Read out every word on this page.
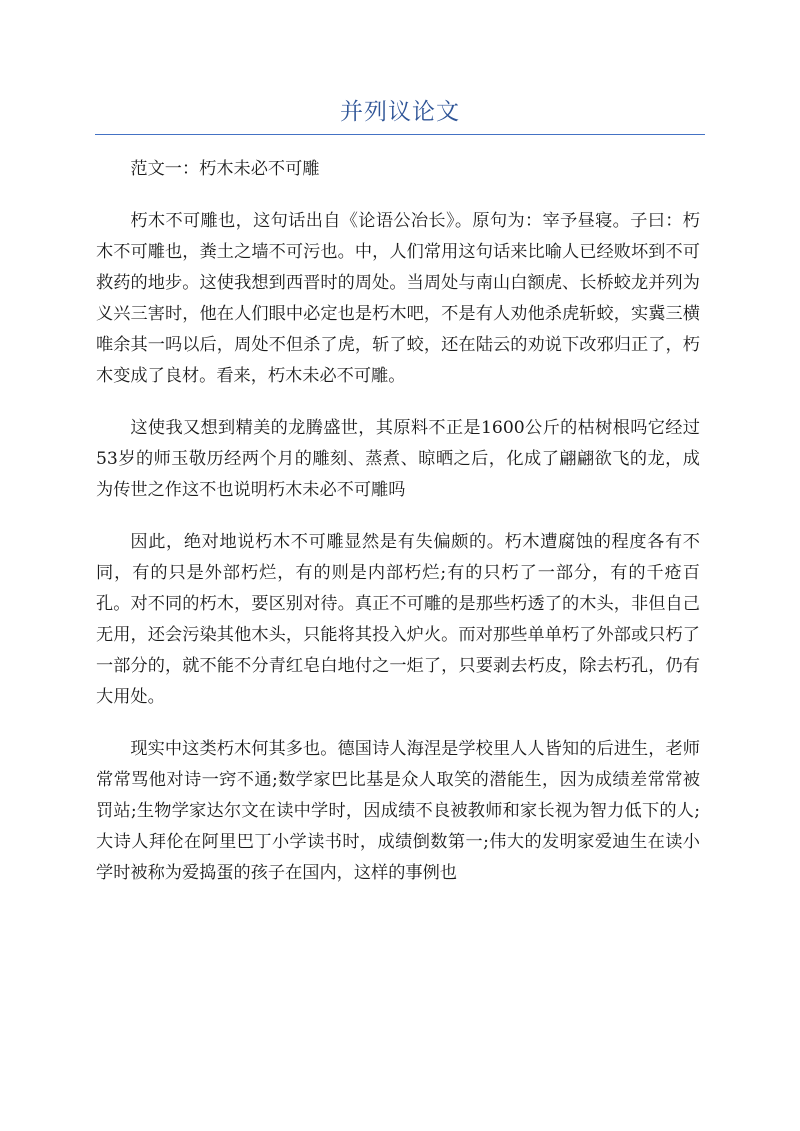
并列议论文

范文一：朽木未必不可雕

朽木不可雕也，这句话出自《论语公冶长》。原句为：宰予昼寝。子曰：朽木不可雕也，粪土之墙不可污也。中，人们常用这句话来比喻人已经败坏到不可救药的地步。这使我想到西晋时的周处。当周处与南山白额虎、长桥蛟龙并列为义兴三害时，他在人们眼中必定也是朽木吧，不是有人劝他杀虎斩蛟，实冀三横唯余其一吗以后，周处不但杀了虎，斩了蛟，还在陆云的劝说下改邪归正了，朽木变成了良材。看来，朽木未必不可雕。

这使我又想到精美的龙腾盛世，其原料不正是1600公斤的枯树根吗它经过53岁的师玉敬历经两个月的雕刻、蒸煮、晾晒之后，化成了翩翩欲飞的龙，成为传世之作这不也说明朽木未必不可雕吗

因此，绝对地说朽木不可雕显然是有失偏颇的。朽木遭腐蚀的程度各有不同，有的只是外部朽烂，有的则是内部朽烂;有的只朽了一部分，有的千疮百孔。对不同的朽木，要区别对待。真正不可雕的是那些朽透了的木头，非但自己无用，还会污染其他木头，只能将其投入炉火。而对那些单单朽了外部或只朽了一部分的，就不能不分青红皂白地付之一炬了，只要剥去朽皮，除去朽孔，仍有大用处。

现实中这类朽木何其多也。德国诗人海涅是学校里人人皆知的后进生，老师常常骂他对诗一窍不通;数学家巴比基是众人取笑的潜能生，因为成绩差常常被罚站;生物学家达尔文在读中学时，因成绩不良被教师和家长视为智力低下的人;大诗人拜伦在阿里巴丁小学读书时，成绩倒数第一;伟大的发明家爱迪生在读小学时被称为爱捣蛋的孩子在国内，这样的事例也
